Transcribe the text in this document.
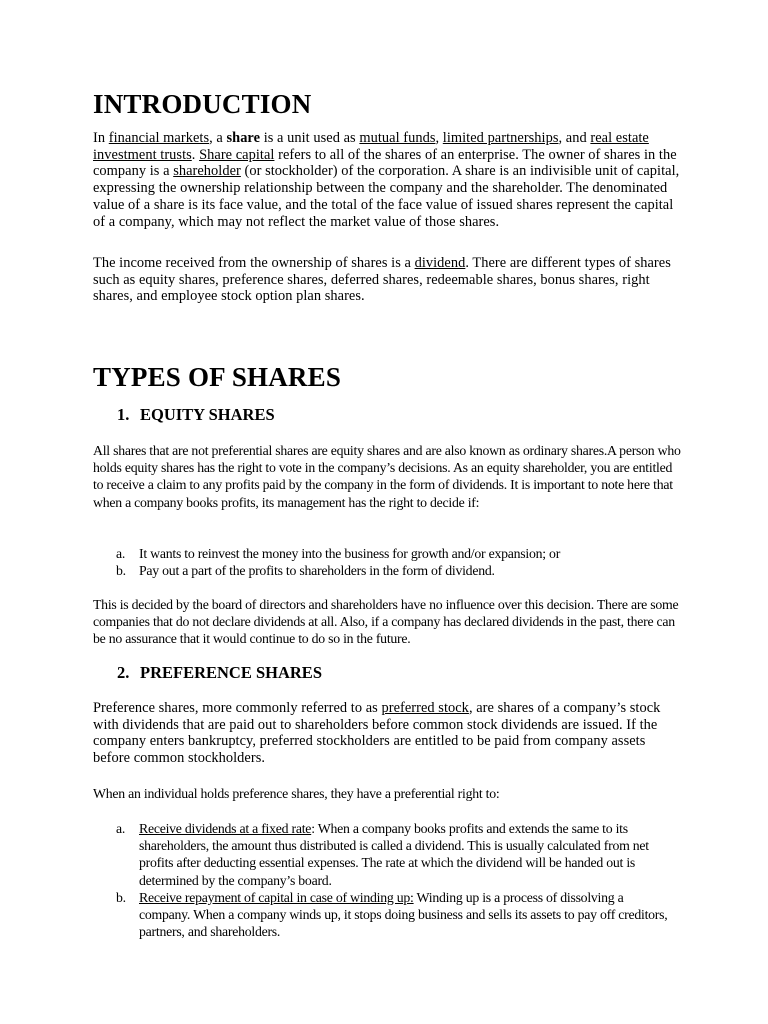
INTRODUCTION

In financial markets, a share is a unit used as mutual funds, limited partnerships, and real estate investment trusts. Share capital refers to all of the shares of an enterprise. The owner of shares in the company is a shareholder (or stockholder) of the corporation. A share is an indivisible unit of capital, expressing the ownership relationship between the company and the shareholder. The denominated value of a share is its face value, and the total of the face value of issued shares represent the capital of a company, which may not reflect the market value of those shares.

The income received from the ownership of shares is a dividend. There are different types of shares such as equity shares, preference shares, deferred shares, redeemable shares, bonus shares, right shares, and employee stock option plan shares.

TYPES OF SHARES
1. EQUITY SHARES

All shares that are not preferential shares are equity shares and are also known as ordinary shares.A person who holds equity shares has the right to vote in the company’s decisions. As an equity shareholder, you are entitled to receive a claim to any profits paid by the company in the form of dividends. It is important to note here that when a company books profits, its management has the right to decide if:

a. It wants to reinvest the money into the business for growth and/or expansion; or
b. Pay out a part of the profits to shareholders in the form of dividend.

This is decided by the board of directors and shareholders have no influence over this decision. There are some companies that do not declare dividends at all. Also, if a company has declared dividends in the past, there can be no assurance that it would continue to do so in the future.

2. PREFERENCE SHARES

Preference shares, more commonly referred to as preferred stock, are shares of a company’s stock with dividends that are paid out to shareholders before common stock dividends are issued. If the company enters bankruptcy, preferred stockholders are entitled to be paid from company assets before common stockholders.

When an individual holds preference shares, they have a preferential right to:

a. Receive dividends at a fixed rate: When a company books profits and extends the same to its shareholders, the amount thus distributed is called a dividend. This is usually calculated from net profits after deducting essential expenses. The rate at which the dividend will be handed out is determined by the company’s board.
b. Receive repayment of capital in case of winding up: Winding up is a process of dissolving a company. When a company winds up, it stops doing business and sells its assets to pay off creditors, partners, and shareholders.
